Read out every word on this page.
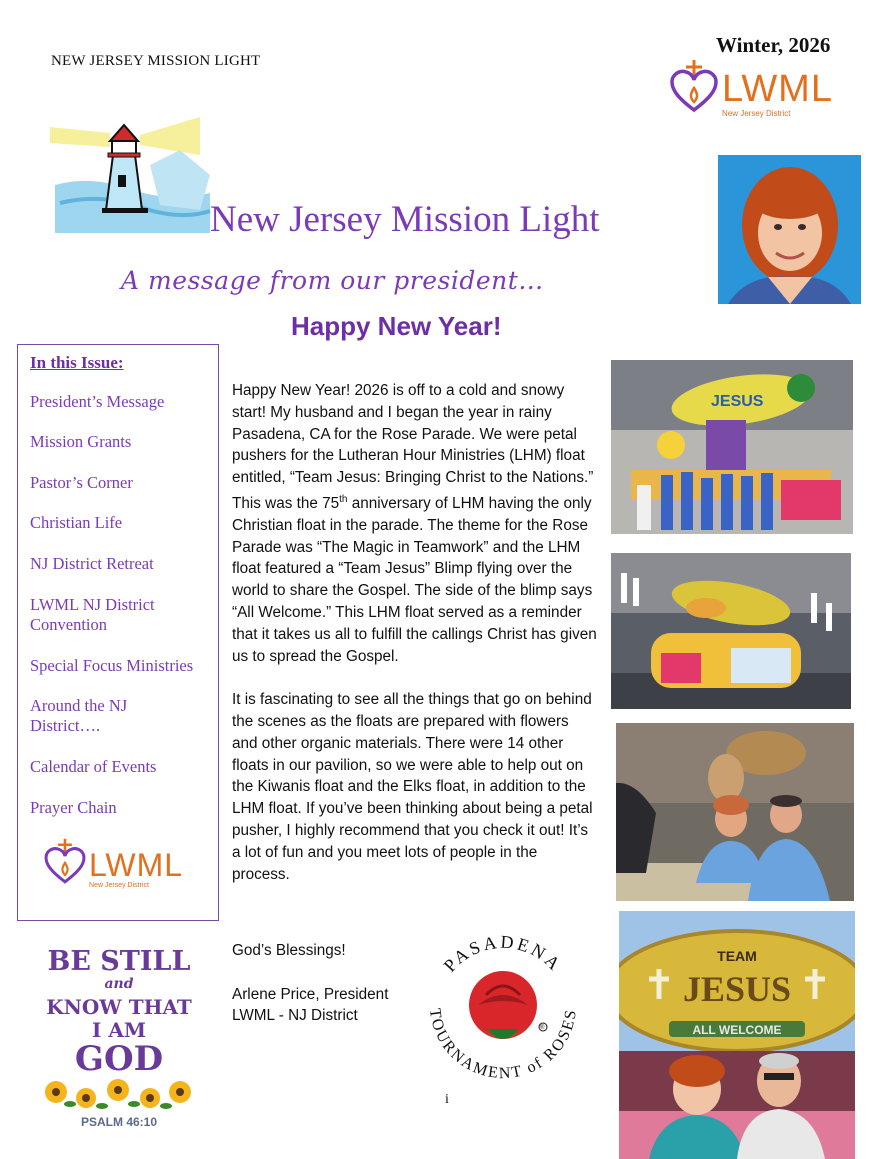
NEW JERSEY MISSION LIGHT
Winter, 2026
LWML
New Jersey District
New Jersey Mission Light
A message from our president…
Happy New Year!
In this Issue:
President’s Message
Mission Grants
Pastor’s Corner
Christian Life
NJ District Retreat
LWML NJ District Convention
Special Focus Ministries
Around the NJ District….
Calendar of Events
Prayer Chain
LWML
New Jersey District

Happy New Year! 2026 is off to a cold and snowy start! My husband and I began the year in rainy Pasadena, CA for the Rose Parade. We were petal pushers for the Lutheran Hour Ministries (LHM) float entitled, “Team Jesus: Bringing Christ to the Nations.” This was the 75th anniversary of LHM having the only Christian float in the parade. The theme for the Rose Parade was “The Magic in Teamwork” and the LHM float featured a “Team Jesus” Blimp flying over the world to share the Gospel. The side of the blimp says “All Welcome.” This LHM float served as a reminder that it takes us all to fulfill the callings Christ has given us to spread the Gospel.

It is fascinating to see all the things that go on behind the scenes as the floats are prepared with flowers and other organic materials. There were 14 other floats in our pavilion, so we were able to help out on the Kiwanis float and the Elks float, in addition to the LHM float. If you’ve been thinking about being a petal pusher, I highly recommend that you check it out! It’s a lot of fun and you meet lots of people in the process.

God’s Blessings!
Arlene Price, President
LWML - NJ District
JESUS
TEAM
JESUS
ALL WELCOME
PASADENA
TOURNAMENT of ROSES
®
i
BE STILL
and
KNOW THAT
I AM
GOD
PSALM 46:10
